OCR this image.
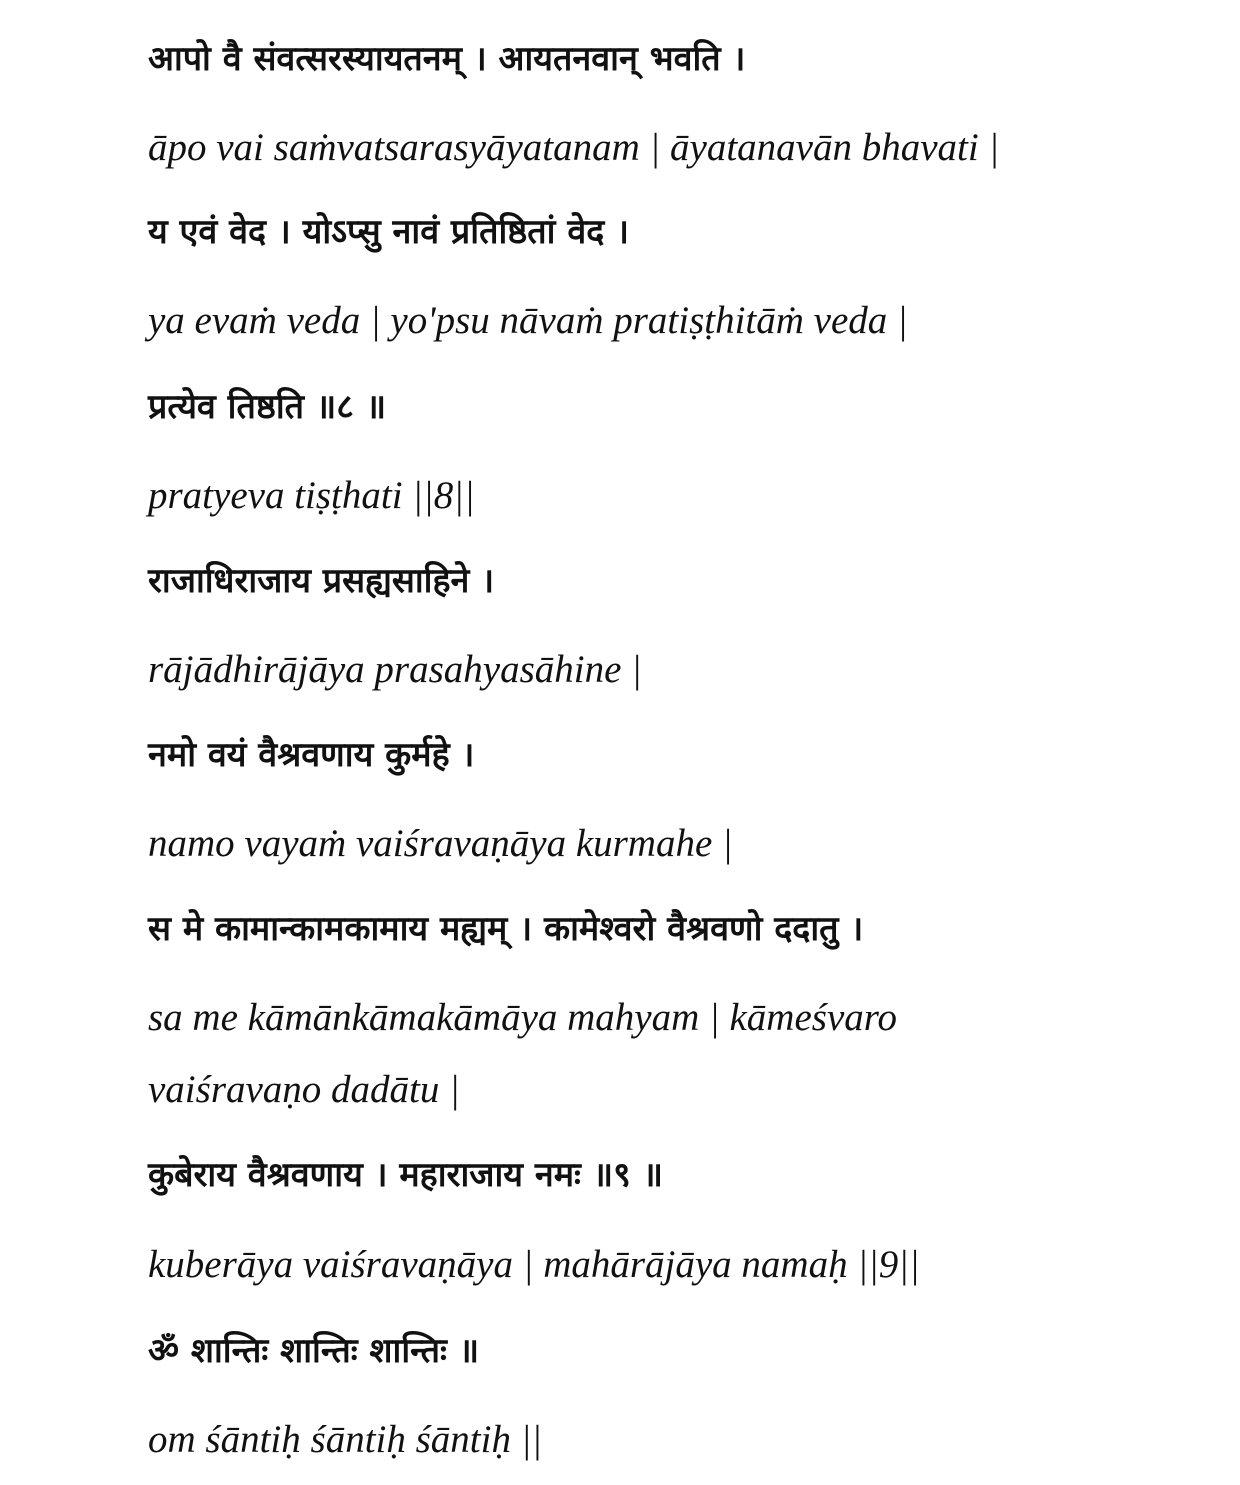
आपो वै संवत्सरस्यायतनम् । आयतनवान् भवति ।
āpo vai saṁvatsarasyāyatanam | āyatanavān bhavati |
य एवं वेद । योऽप्सु नावं प्रतिष्ठितां वेद ।
ya evaṁ veda | yo'psu nāvaṁ pratiṣṭhitāṁ veda |
प्रत्येव तिष्ठति ॥८ ॥
pratyeva tiṣṭhati ||8||
राजाधिराजाय प्रसह्यसाहिने ।
rājādhirājāya prasahyasāhine |
नमो वयं वैश्रवणाय कुर्महे ।
namo vayaṁ vaiśravaṇāya kurmahe |
स मे कामान्कामकामाय मह्यम् । कामेश्वरो वैश्रवणो ददातु ।
sa me kāmānkāmakāmāya mahyam | kāmeśvaro
vaiśravaṇo dadātu |
कुबेराय वैश्रवणाय । महाराजाय नमः ॥९ ॥
kuberāya vaiśravaṇāya | mahārājāya namaḥ ||9||
ॐ शान्तिः शान्तिः शान्तिः ॥
om śāntiḥ śāntiḥ śāntiḥ ||
